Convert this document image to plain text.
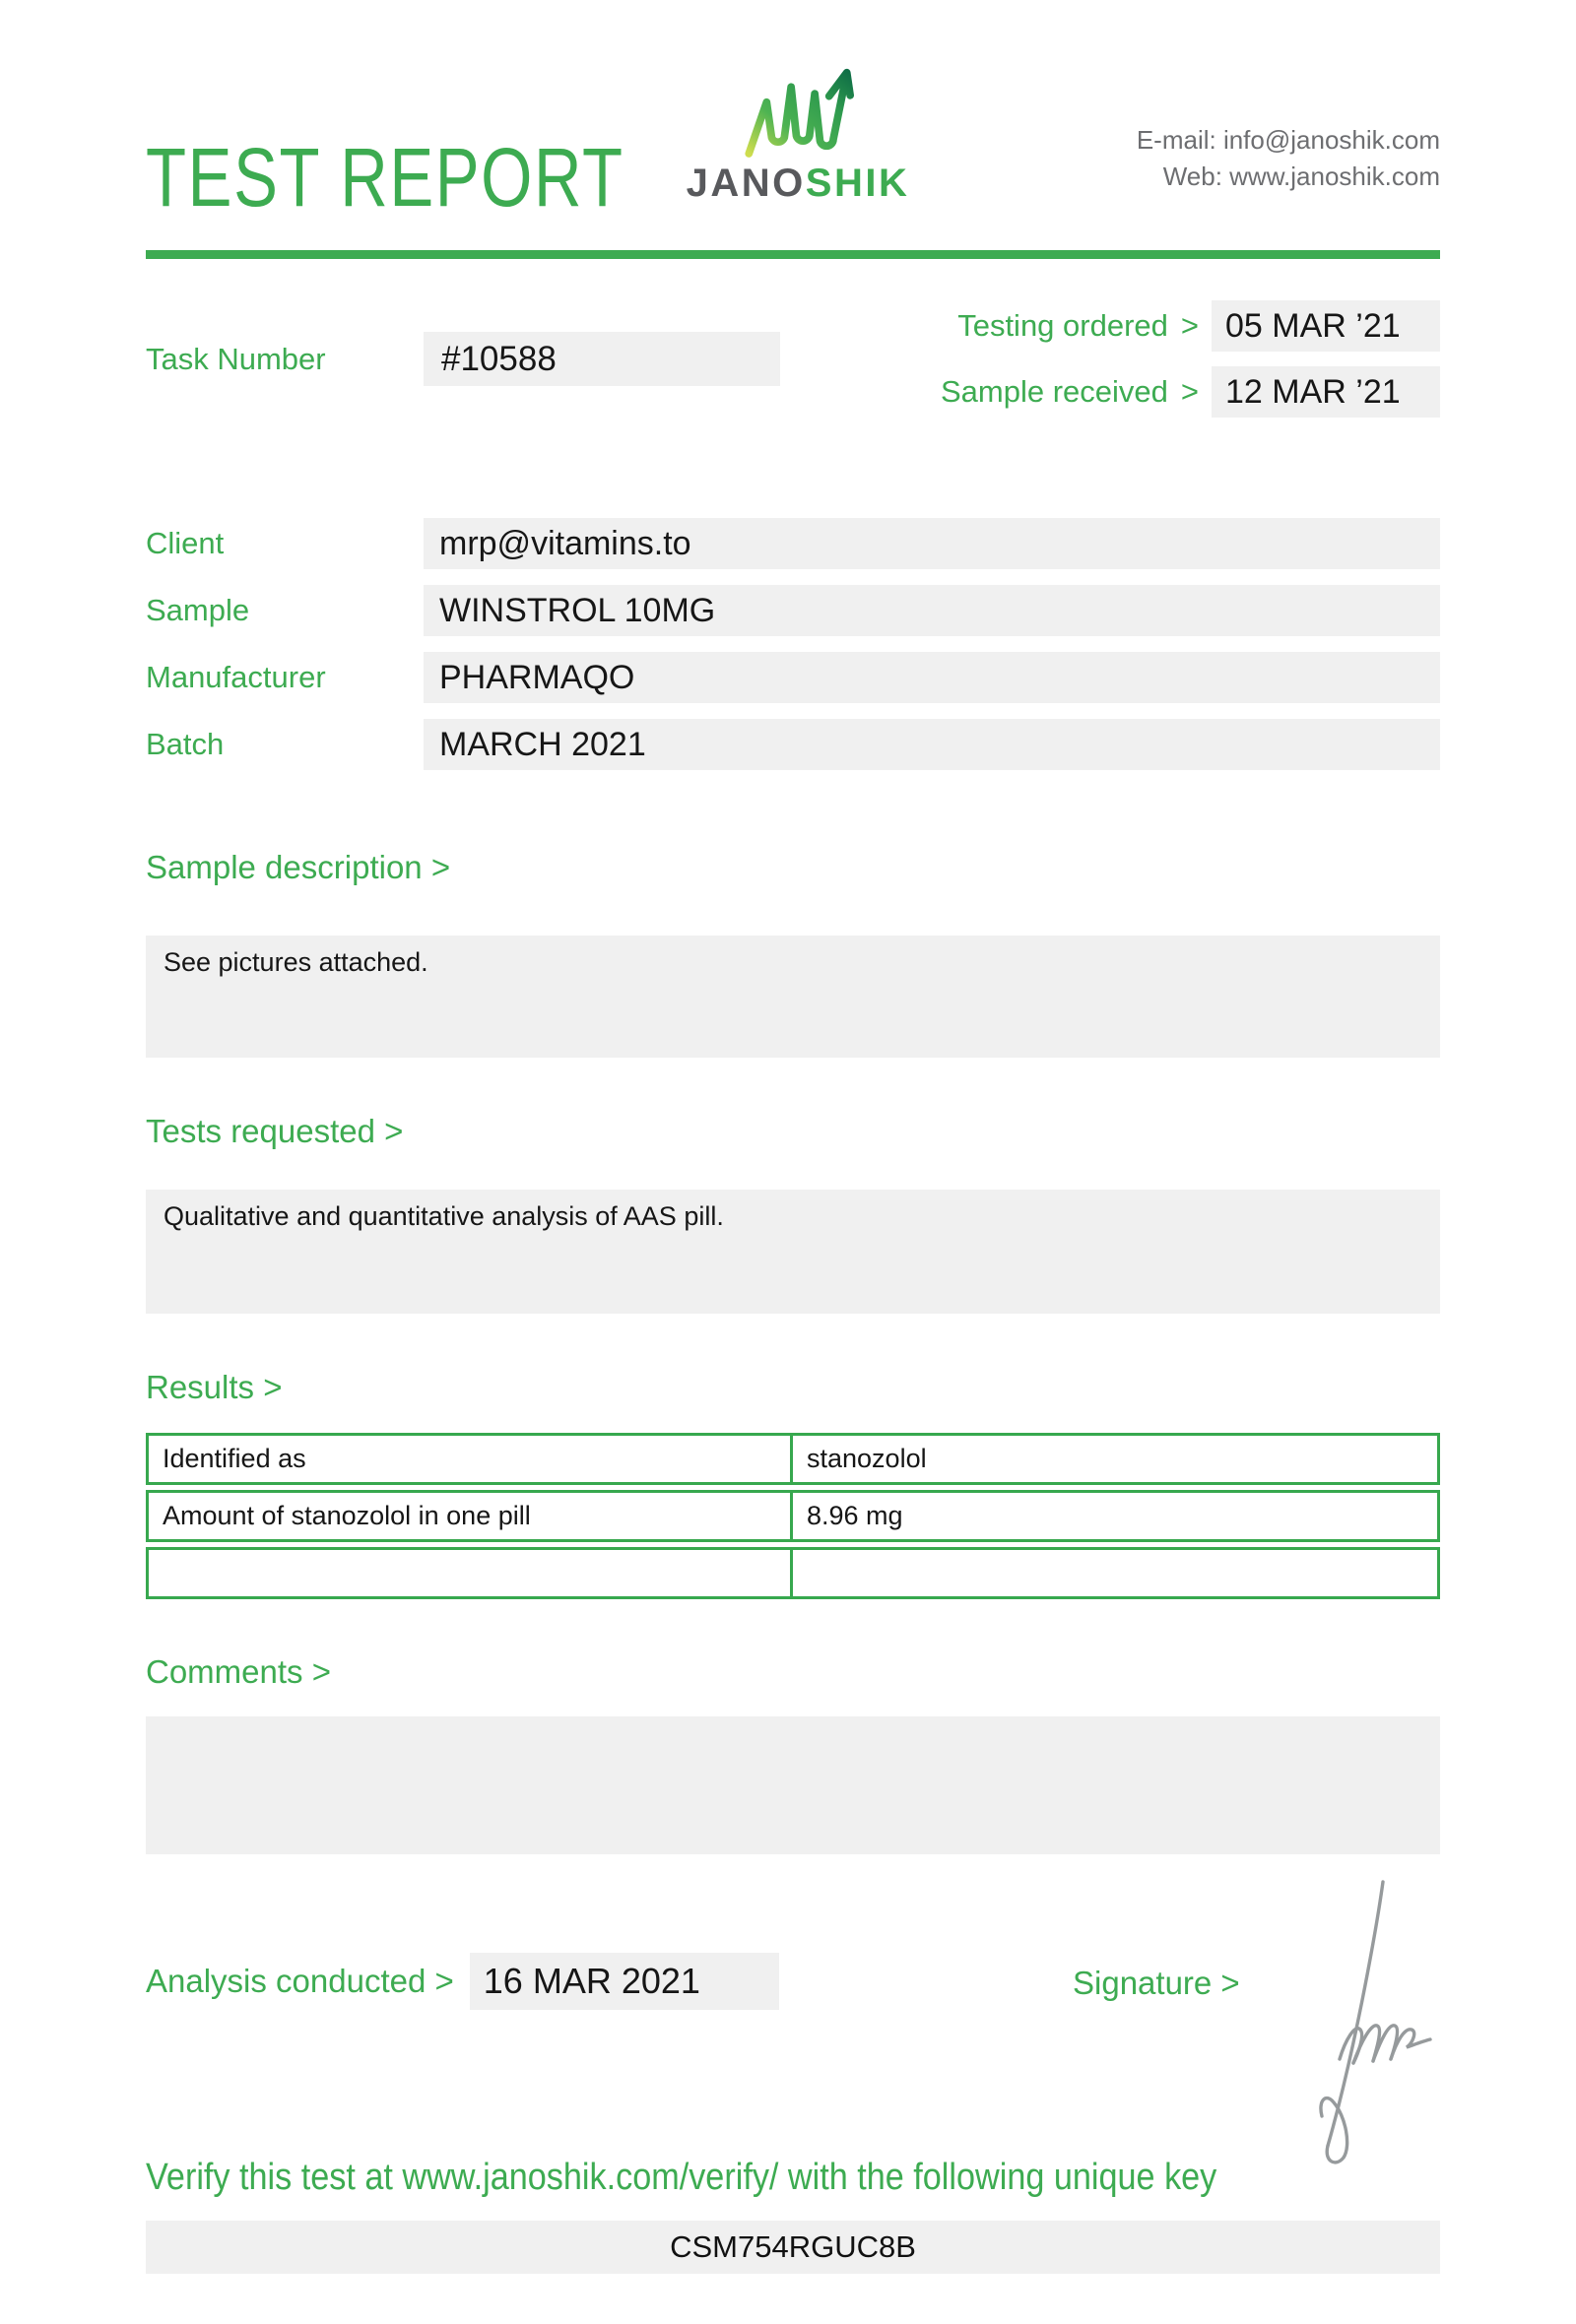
TEST REPORT	JANOSHIK
E-mail: info@janoshik.com
Web: www.janoshik.com
Task Number	#10588
Testing ordered > 05 MAR ’21
Sample received > 12 MAR ’21
Client	mrp@vitamins.to
Sample	WINSTROL 10MG
Manufacturer	PHARMAQO
Batch	MARCH 2021
Sample description >
See pictures attached.
Tests requested >
Qualitative and quantitative analysis of AAS pill.
Results >
Identified as	stanozolol
Amount of stanozolol in one pill	8.96 mg

Comments >
Analysis conducted > 16 MAR 2021	Signature >
Verify this test at www.janoshik.com/verify/ with the following unique key
CSM754RGUC8B
